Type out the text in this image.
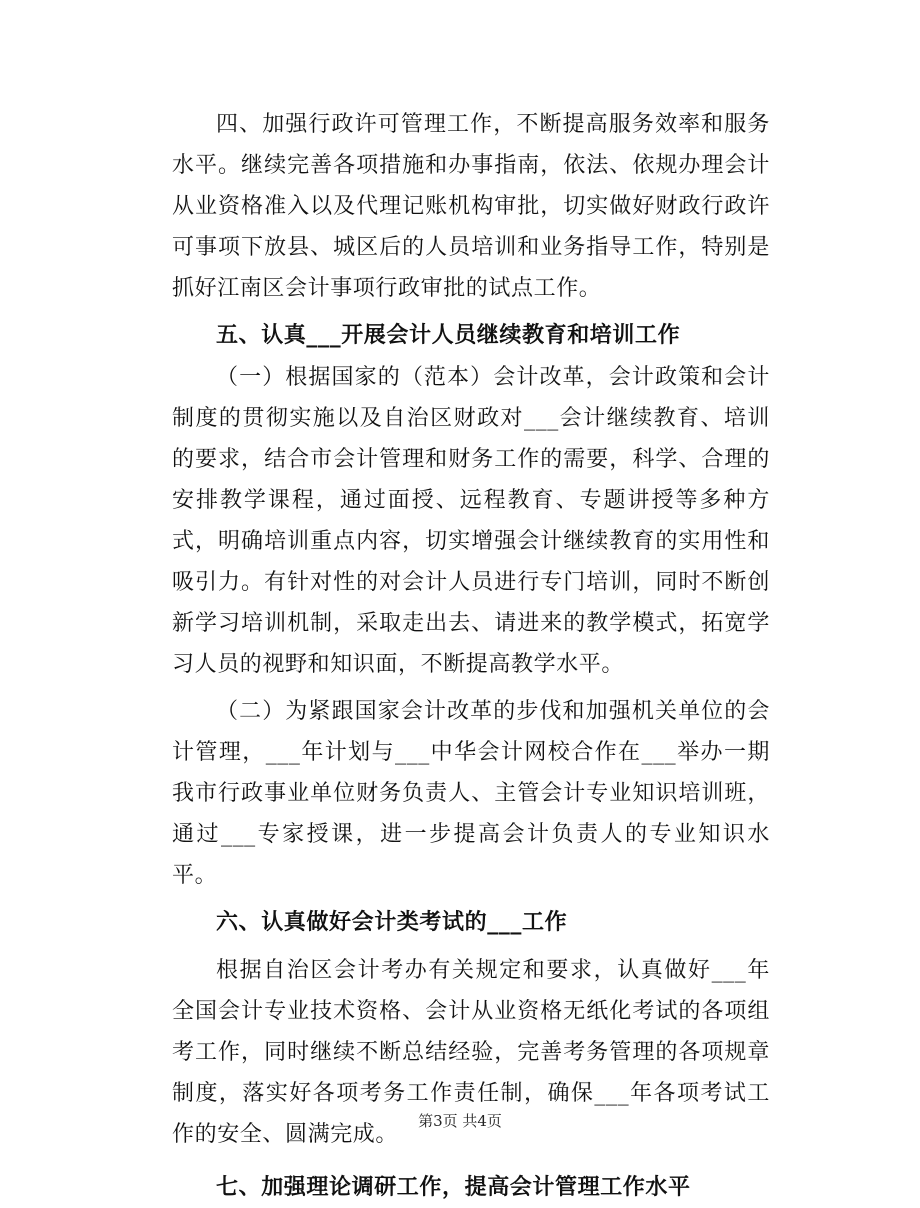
四、加强行政许可管理工作，不断提高服务效率和服务水平。继续完善各项措施和办事指南，依法、依规办理会计从业资格准入以及代理记账机构审批，切实做好财政行政许可事项下放县、城区后的人员培训和业务指导工作，特别是抓好江南区会计事项行政审批的试点工作。

五、认真___开展会计人员继续教育和培训工作

（一）根据国家的（范本）会计改革，会计政策和会计制度的贯彻实施以及自治区财政对___会计继续教育、培训的要求，结合市会计管理和财务工作的需要，科学、合理的安排教学课程，通过面授、远程教育、专题讲授等多种方式，明确培训重点内容，切实增强会计继续教育的实用性和吸引力。有针对性的对会计人员进行专门培训，同时不断创新学习培训机制，采取走出去、请进来的教学模式，拓宽学习人员的视野和知识面，不断提高教学水平。

（二）为紧跟国家会计改革的步伐和加强机关单位的会计管理，___年计划与___中华会计网校合作在___举办一期我市行政事业单位财务负责人、主管会计专业知识培训班，通过___专家授课，进一步提高会计负责人的专业知识水平。

六、认真做好会计类考试的___工作

根据自治区会计考办有关规定和要求，认真做好___年全国会计专业技术资格、会计从业资格无纸化考试的各项组考工作，同时继续不断总结经验，完善考务管理的各项规章制度，落实好各项考务工作责任制，确保___年各项考试工作的安全、圆满完成。

七、加强理论调研工作，提高会计管理工作水平

第3页 共4页
